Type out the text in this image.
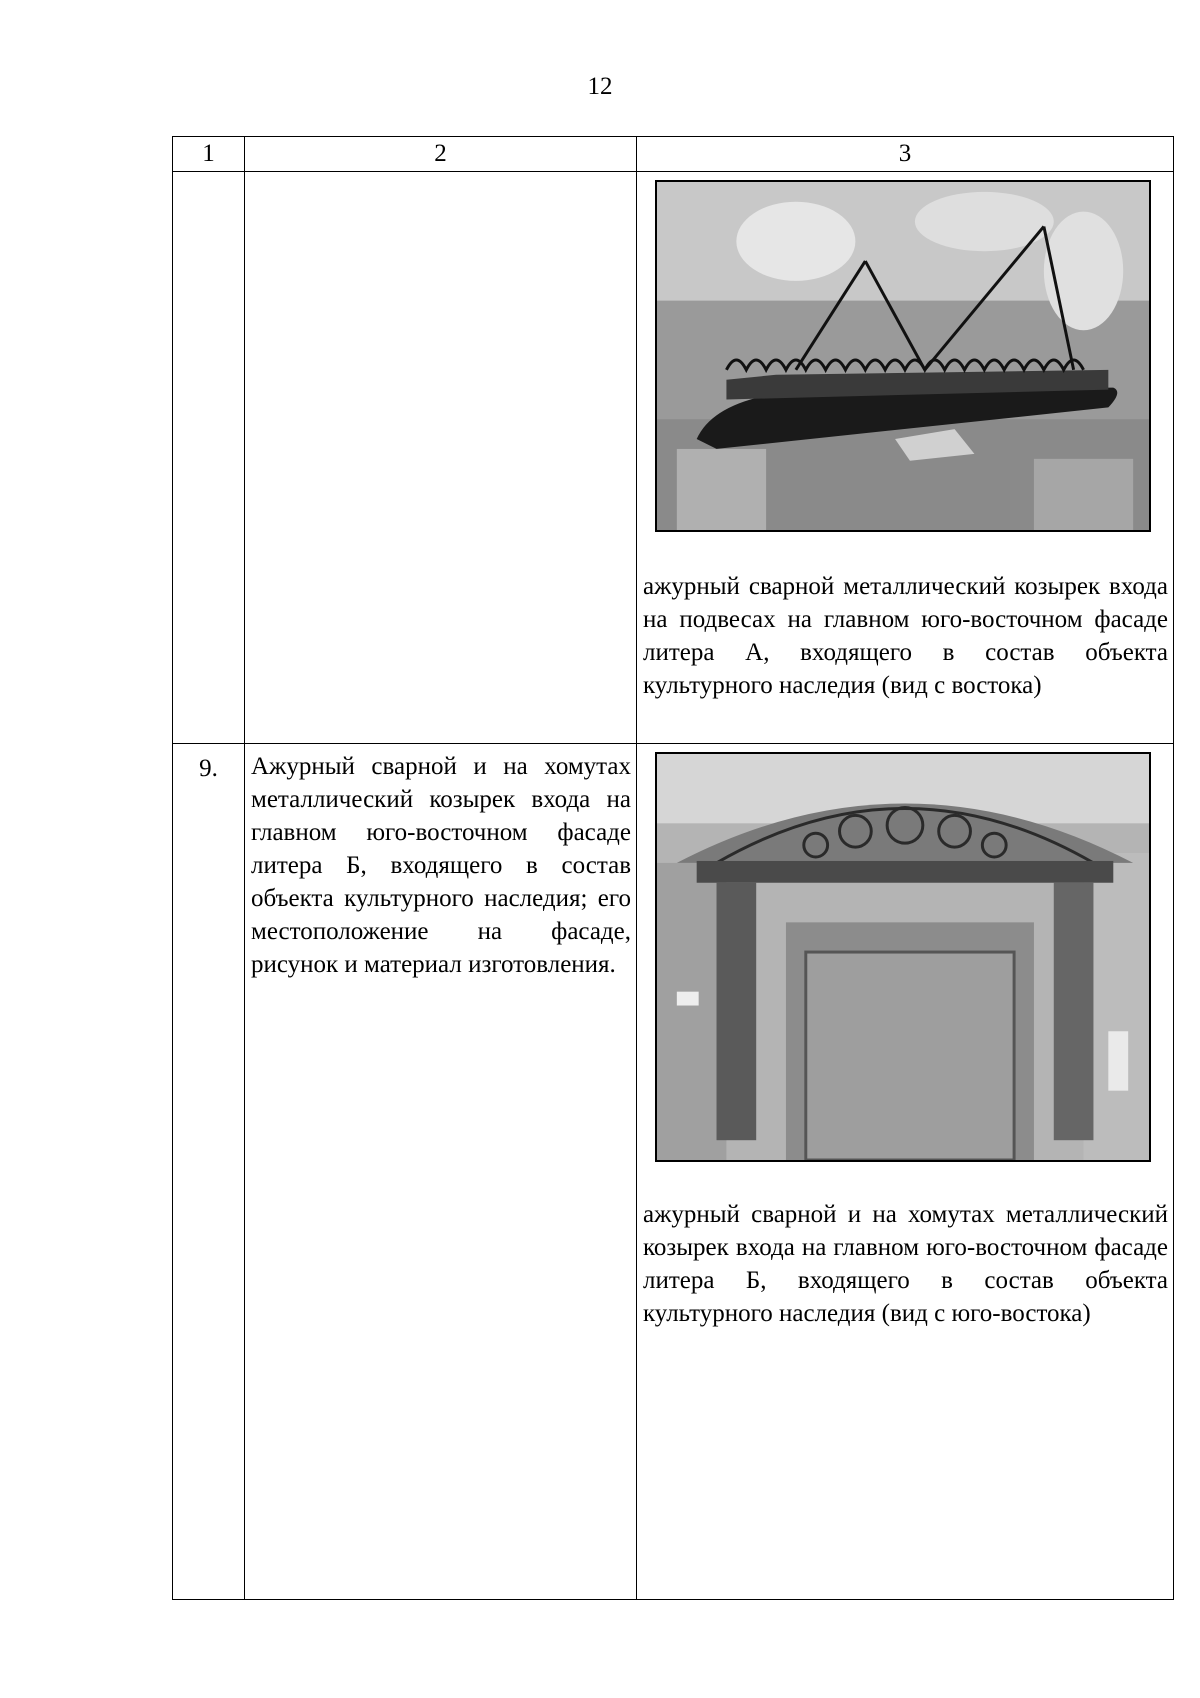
12
1	2	3

		ажурный сварной металлический козырек входа на подвесах на главном юго-восточном фасаде литера А, входящего в состав объекта культурного наследия (вид с востока)

9.	Ажурный сварной и на хомутах металлический козырек входа на главном юго-восточном фасаде литера Б, входящего в состав объекта культурного наследия; его местоположение на фасаде, рисунок и материал изготовления.	ажурный сварной и на хомутах металлический козырек входа на главном юго-восточном фасаде литера Б, входящего в состав объекта культурного наследия (вид с юго-востока)
